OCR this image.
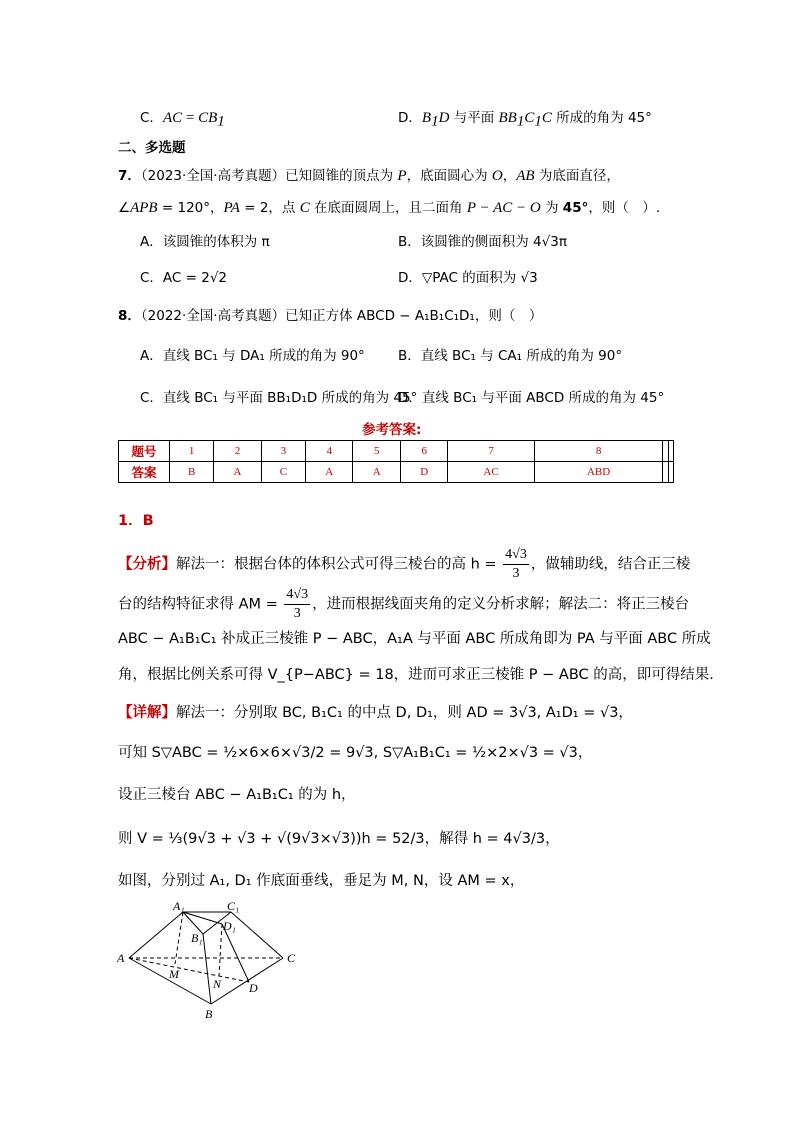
C．AC = $CB_1$	D．$B_1D$ 与平面 $BB_1C_1C$ 所成的角为 45°
二、多选题
7．（2023·全国·高考真题）已知圆锥的顶点为 P，底面圆心为 O，AB 为底面直径，
∠APB = 120°，PA = 2，点 C 在底面圆周上，且二面角 P − AC − O 为 45°，则（　）.
A．该圆锥的体积为 π	B．该圆锥的侧面积为 4√3π
C．AC = 2√2	D．▽PAC 的面积为 √3
8．（2022·全国·高考真题）已知正方体 ABCD − A₁B₁C₁D₁，则（　）
A．直线 BC₁ 与 DA₁ 所成的角为 90° B．直线 BC₁ 与 CA₁ 所成的角为 90°
C．直线 BC₁ 与平面 BB₁D₁D 所成的角为 45°
D．直线 BC₁ 与平面 ABCD 所成的角为 45°
参考答案:
题号	1	2	3	4	5	6	7	8		
答案	B	A	C	A	A	D	AC	ABD		
1．B
【分析】解法一：根据台体的体积公式可得三棱台的高 $h = \frac{4√3}{3}$ ，做辅助线，结合正三棱
台的结构特征求得 AM = $\frac{4√3}{3}$ ，进而根据线面夹角的定义分析求解；解法二：将正三棱台
ABC − A₁B₁C₁ 补成正三棱锥 P − ABC，A₁A 与平面 ABC 所成角即为 PA 与平面 ABC 所成
角，根据比例关系可得 V_{P−ABC} = 18，进而可求正三棱锥 P − ABC 的高，即可得结果.
【详解】解法一：分别取 BC, B₁C₁ 的中点 D, D₁，则 AD = 3√3, A₁D₁ = √3，
可知 S▽ABC = ½×6×6×√3/2 = 9√3, S▽A₁B₁C₁ = ½×2×√3 = √3，
设正三棱台 ABC − A₁B₁C₁ 的为 h，
则 V = ⅓(9√3 + √3 + √(9√3×√3))h = 52/3，解得 h = 4√3/3，
如图，分别过 A₁, D₁ 作底面垂线，垂足为 M, N，设 AM = x，
A₁	C₁
B₁
D₁
A
M
C
N D
B
